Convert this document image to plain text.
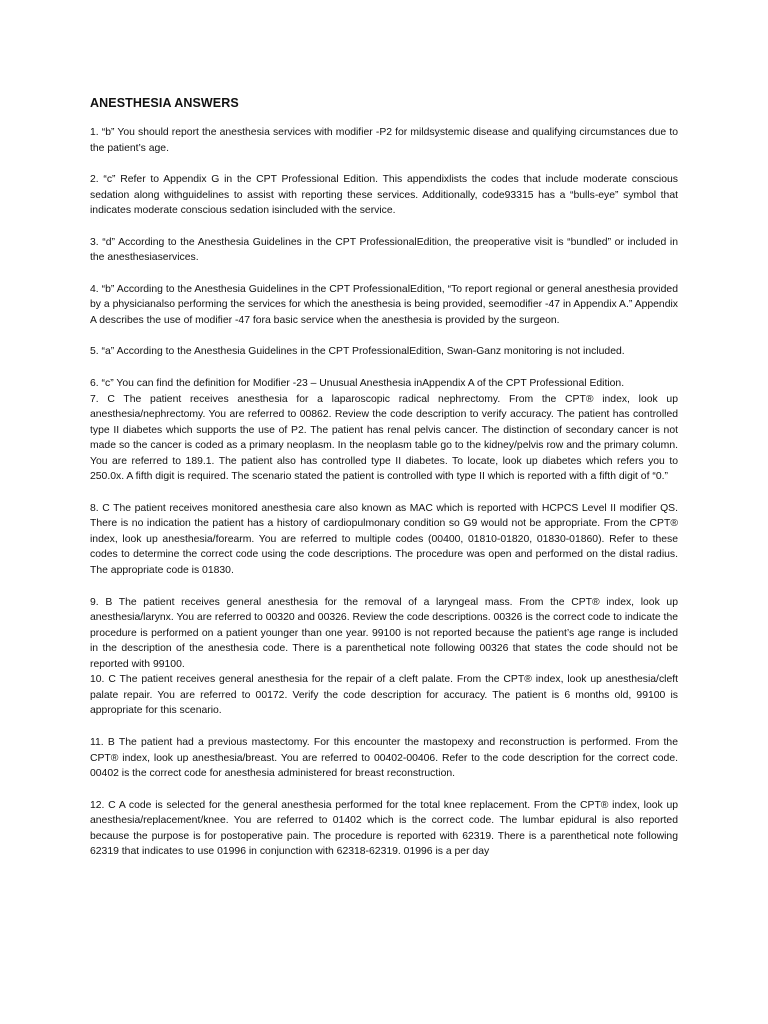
ANESTHESIA ANSWERS

1. “b” You should report the anesthesia services with modifier -P2 for mildsystemic disease and qualifying circumstances due to the patient’s age.

2. “c” Refer to Appendix G in the CPT Professional Edition. This appendixlists the codes that include moderate conscious sedation along withguidelines to assist with reporting these services. Additionally, code93315 has a “bulls-eye” symbol that indicates moderate conscious sedation isincluded with the service.

3. “d” According to the Anesthesia Guidelines in the CPT ProfessionalEdition, the preoperative visit is “bundled” or included in the anesthesiaservices.

4. “b” According to the Anesthesia Guidelines in the CPT ProfessionalEdition, “To report regional or general anesthesia provided by a physicianalso performing the services for which the anesthesia is being provided, seemodifier -47 in Appendix A.” Appendix A describes the use of modifier -47 fora basic service when the anesthesia is provided by the surgeon.

5. “a” According to the Anesthesia Guidelines in the CPT ProfessionalEdition, Swan-Ganz monitoring is not included.

6. “c” You can find the definition for Modifier -23 – Unusual Anesthesia inAppendix A of the CPT Professional Edition.

7. C The patient receives anesthesia for a laparoscopic radical nephrectomy. From the CPT® index, look up anesthesia/nephrectomy. You are referred to 00862. Review the code description to verify accuracy. The patient has controlled type II diabetes which supports the use of P2. The patient has renal pelvis cancer. The distinction of secondary cancer is not made so the cancer is coded as a primary neoplasm. In the neoplasm table go to the kidney/pelvis row and the primary column. You are referred to 189.1. The patient also has controlled type II diabetes. To locate, look up diabetes which refers you to 250.0x. A fifth digit is required. The scenario stated the patient is controlled with type II which is reported with a fifth digit of “0.”

8. C The patient receives monitored anesthesia care also known as MAC which is reported with HCPCS Level II modifier QS. There is no indication the patient has a history of cardiopulmonary condition so G9 would not be appropriate. From the CPT® index, look up anesthesia/forearm. You are referred to multiple codes (00400, 01810-01820, 01830-01860). Refer to these codes to determine the correct code using the code descriptions. The procedure was open and performed on the distal radius. The appropriate code is 01830.

9. B The patient receives general anesthesia for the removal of a laryngeal mass. From the CPT® index, look up anesthesia/larynx. You are referred to 00320 and 00326. Review the code descriptions. 00326 is the correct code to indicate the procedure is performed on a patient younger than one year. 99100 is not reported because the patient’s age range is included in the description of the anesthesia code. There is a parenthetical note following 00326 that states the code should not be reported with 99100.

10. C The patient receives general anesthesia for the repair of a cleft palate. From the CPT® index, look up anesthesia/cleft palate repair. You are referred to 00172. Verify the code description for accuracy. The patient is 6 months old, 99100 is appropriate for this scenario.

11. B The patient had a previous mastectomy. For this encounter the mastopexy and reconstruction is performed. From the CPT® index, look up anesthesia/breast. You are referred to 00402-00406. Refer to the code description for the correct code. 00402 is the correct code for anesthesia administered for breast reconstruction.

12. C A code is selected for the general anesthesia performed for the total knee replacement. From the CPT® index, look up anesthesia/replacement/knee. You are referred to 01402 which is the correct code. The lumbar epidural is also reported because the purpose is for postoperative pain. The procedure is reported with 62319. There is a parenthetical note following 62319 that indicates to use 01996 in conjunction with 62318-62319. 01996 is a per day
